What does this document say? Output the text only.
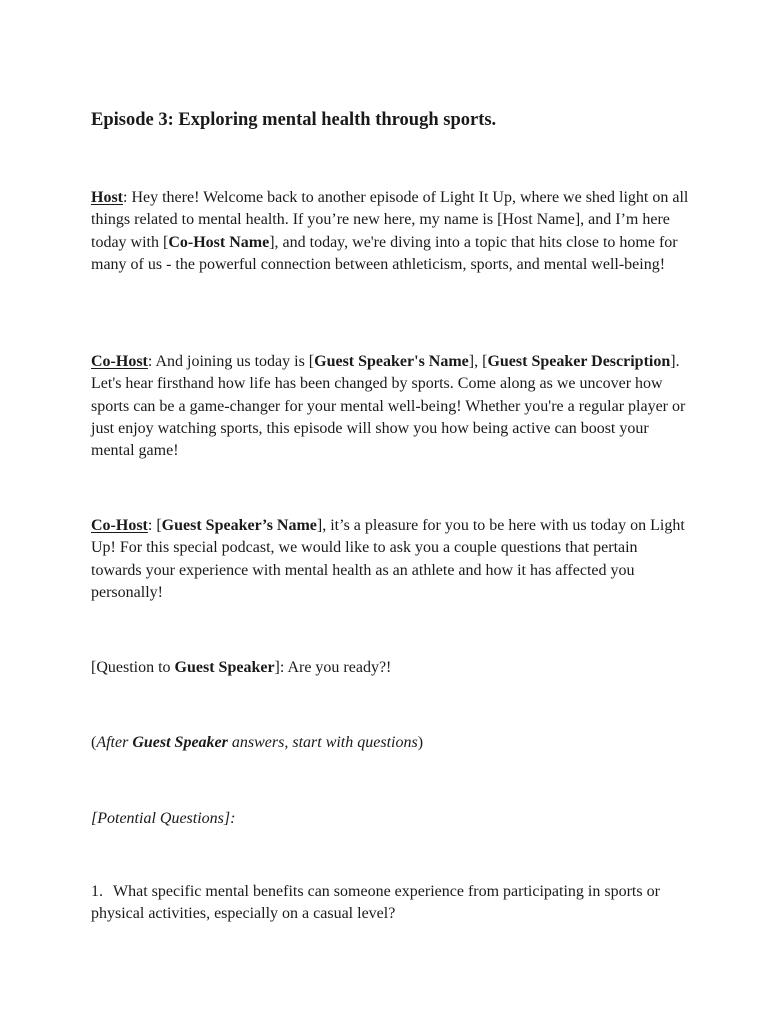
Episode 3: Exploring mental health through sports.

Host: Hey there! Welcome back to another episode of Light It Up, where we shed light on all things related to mental health. If you’re new here, my name is [Host Name], and I’m here today with [Co-Host Name], and today, we're diving into a topic that hits close to home for many of us - the powerful connection between athleticism, sports, and mental well-being!

Co-Host: And joining us today is [Guest Speaker's Name], [Guest Speaker Description]. Let's hear firsthand how life has been changed by sports. Come along as we uncover how sports can be a game-changer for your mental well-being! Whether you're a regular player or just enjoy watching sports, this episode will show you how being active can boost your mental game!

Co-Host: [Guest Speaker’s Name], it’s a pleasure for you to be here with us today on Light Up! For this special podcast, we would like to ask you a couple questions that pertain towards your experience with mental health as an athlete and how it has affected you personally!

[Question to Guest Speaker]: Are you ready?!

(After Guest Speaker answers, start with questions)

[Potential Questions]:

1. What specific mental benefits can someone experience from participating in sports or physical activities, especially on a casual level?
